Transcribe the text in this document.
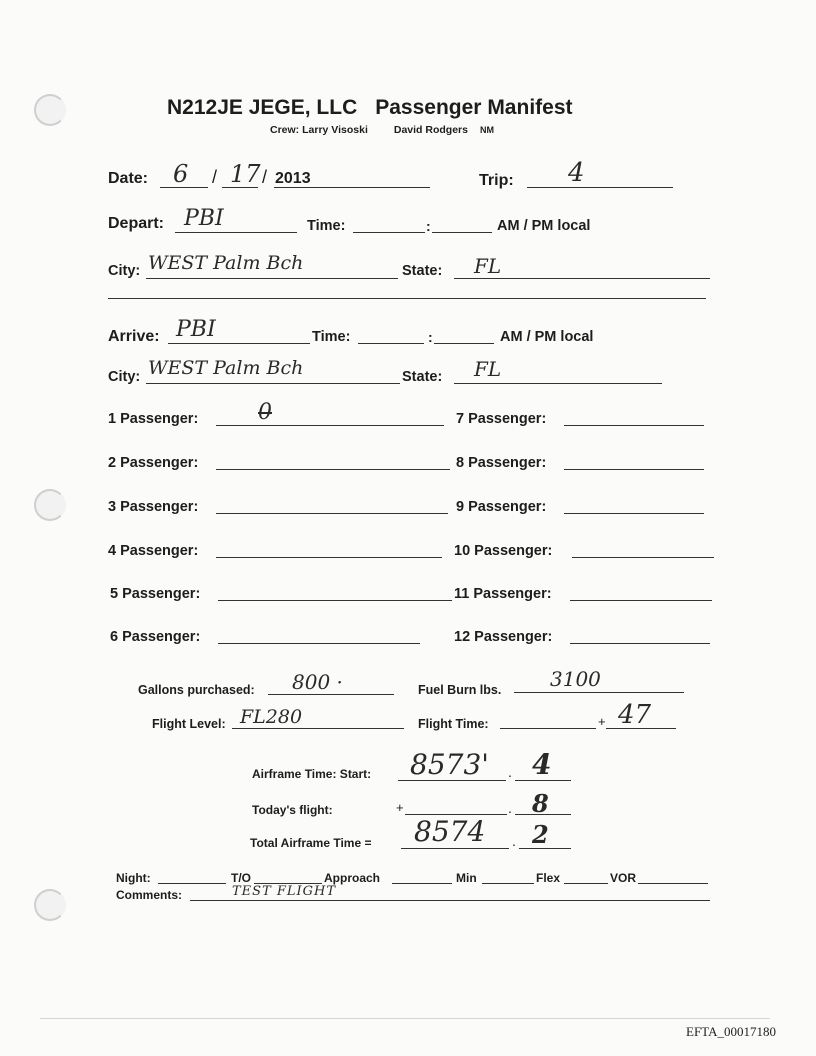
N212JE JEGE, LLC Passenger Manifest
Crew: Larry Visoski David Rodgers NM
Date: 6 / 17 / 2013	Trip: 4
Depart: PBI	Time:	:	AM / PM local
City: WEST Palm Bch	State: FL
Arrive: PBI	Time:	:	AM / PM local
City: WEST Palm Bch	State: FL
1 Passenger:	0
2 Passenger:
3 Passenger:
4 Passenger:
5 Passenger:
6 Passenger:
7 Passenger:
8 Passenger:
9 Passenger:
10 Passenger:
11 Passenger:
12 Passenger:
Gallons purchased: 800 ·	Fuel Burn lbs. 3100
Flight Level: FL280	Flight Time:	+ 47
Airframe Time: Start: 8573' . 4
Today's flight:	+	. 8
Total Airframe Time = 8574 . 2
Night:	T/O	Approach	Min	Flex	VOR
Comments:	TEST FLIGHT
EFTA_00017180
